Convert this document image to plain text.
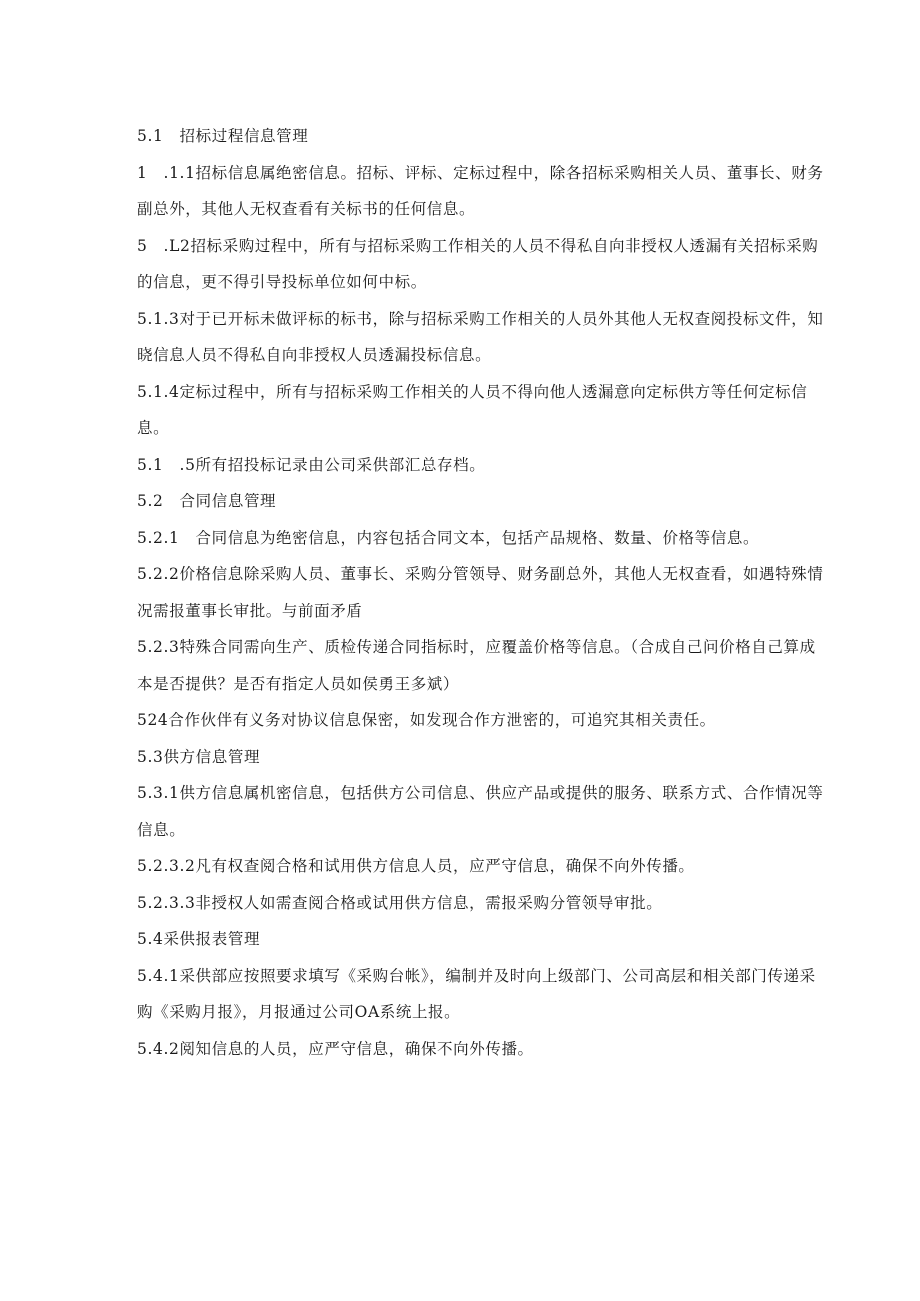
5.1　招标过程信息管理

1　.1.1招标信息属绝密信息。招标、评标、定标过程中，除各招标采购相关人员、董事长、财务副总外，其他人无权查看有关标书的任何信息。

5　.L2招标采购过程中，所有与招标采购工作相关的人员不得私自向非授权人透漏有关招标采购的信息，更不得引导投标单位如何中标。

5.1.3对于已开标未做评标的标书，除与招标采购工作相关的人员外其他人无权查阅投标文件，知晓信息人员不得私自向非授权人员透漏投标信息。

5.1.4定标过程中，所有与招标采购工作相关的人员不得向他人透漏意向定标供方等任何定标信息。

5.1　.5所有招投标记录由公司采供部汇总存档。

5.2　合同信息管理

5.2.1　合同信息为绝密信息，内容包括合同文本，包括产品规格、数量、价格等信息。

5.2.2价格信息除采购人员、董事长、采购分管领导、财务副总外，其他人无权查看，如遇特殊情况需报董事长审批。与前面矛盾

5.2.3特殊合同需向生产、质检传递合同指标时，应覆盖价格等信息。（合成自己问价格自己算成本是否提供？是否有指定人员如侯勇王多斌）

524合作伙伴有义务对协议信息保密，如发现合作方泄密的，可追究其相关责任。

5.3供方信息管理

5.3.1供方信息属机密信息，包括供方公司信息、供应产品或提供的服务、联系方式、合作情况等信息。

5.2.3.2凡有权查阅合格和试用供方信息人员，应严守信息，确保不向外传播。

5.2.3.3非授权人如需查阅合格或试用供方信息，需报采购分管领导审批。

5.4采供报表管理

5.4.1采供部应按照要求填写《采购台帐》，编制并及时向上级部门、公司高层和相关部门传递采购《采购月报》，月报通过公司OA系统上报。

5.4.2阅知信息的人员，应严守信息，确保不向外传播。
